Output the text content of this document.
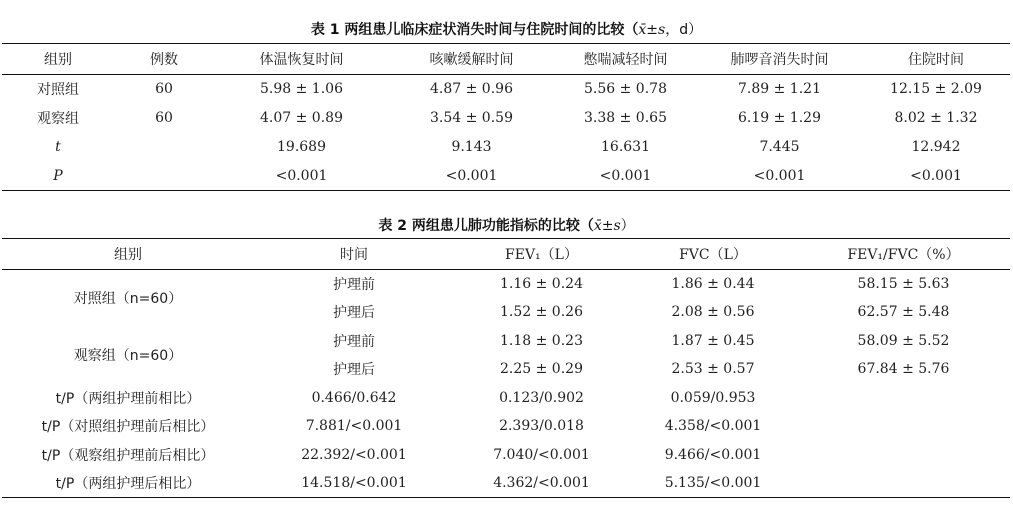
表 1 两组患儿临床症状消失时间与住院时间的比较（x̄±s，d）
组别	例数	体温恢复时间	咳嗽缓解时间	憋喘减轻时间	肺啰音消失时间	住院时间
对照组	60	5.98 ± 1.06	4.87 ± 0.96	5.56 ± 0.78	7.89 ± 1.21	12.15 ± 2.09
观察组	60	4.07 ± 0.89	3.54 ± 0.59	3.38 ± 0.65	6.19 ± 1.29	8.02 ± 1.32
t		19.689	9.143	16.631	7.445	12.942
P		<0.001	<0.001	<0.001	<0.001	<0.001
表 2 两组患儿肺功能指标的比较（x̄±s）
组别	时间	FEV₁（L）	FVC（L）	FEV₁/FVC（%）
对照组（n=60）	护理前	1.16 ± 0.24	1.86 ± 0.44	58.15 ± 5.63
	护理后	1.52 ± 0.26	2.08 ± 0.56	62.57 ± 5.48
观察组（n=60）	护理前	1.18 ± 0.23	1.87 ± 0.45	58.09 ± 5.52
	护理后	2.25 ± 0.29	2.53 ± 0.57	67.84 ± 5.76
t/P（两组护理前相比）	0.466/0.642	0.123/0.902	0.059/0.953	
t/P（对照组护理前后相比）	7.881/<0.001	2.393/0.018	4.358/<0.001	
t/P（观察组护理前后相比）	22.392/<0.001	7.040/<0.001	9.466/<0.001	
t/P（两组护理后相比）	14.518/<0.001	4.362/<0.001	5.135/<0.001	
